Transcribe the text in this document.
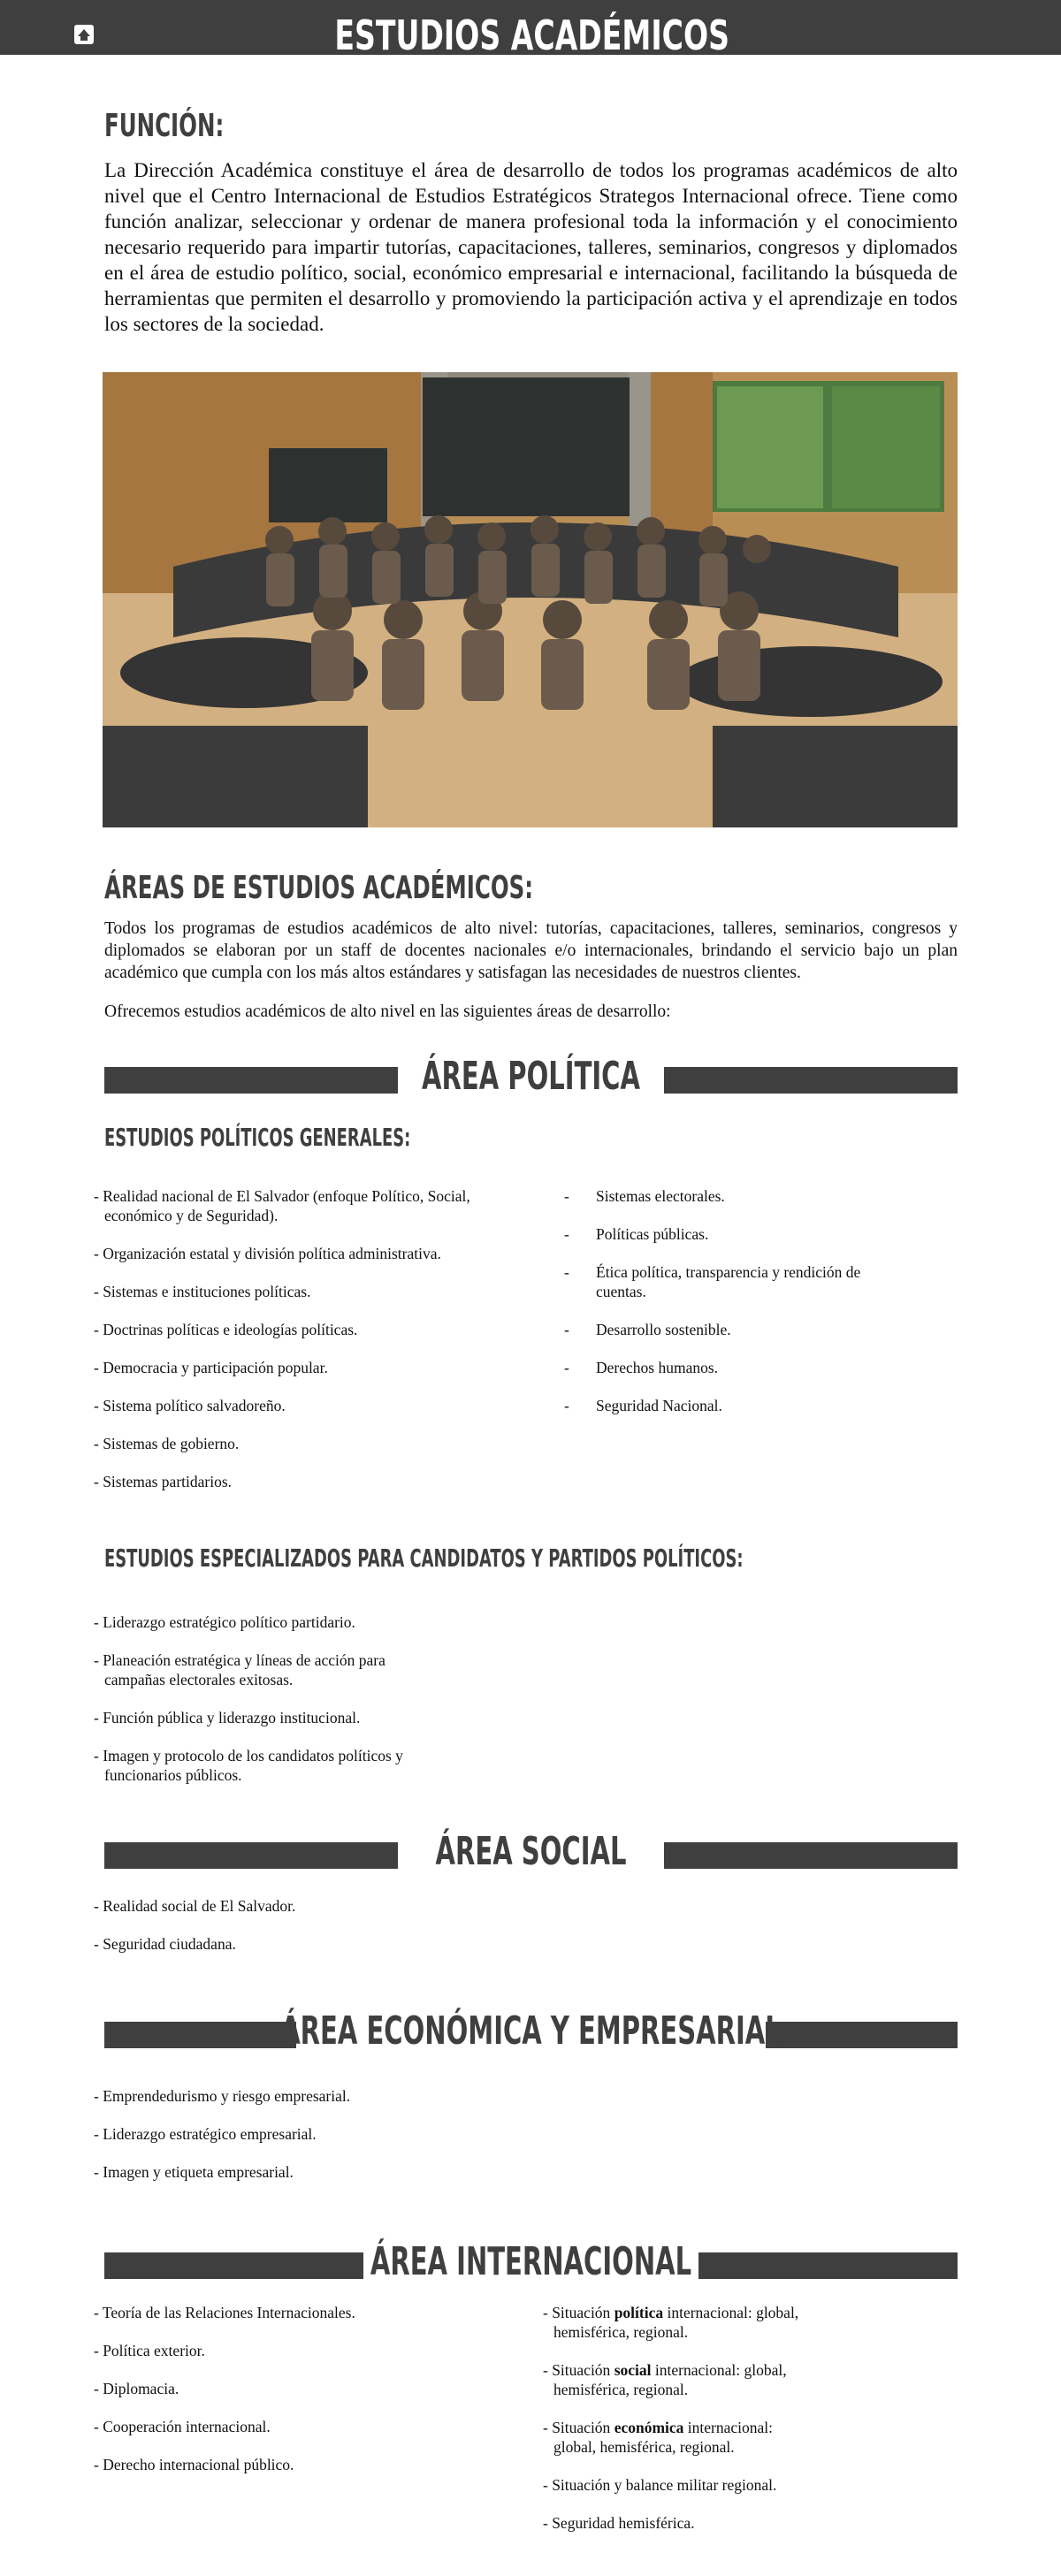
ESTUDIOS ACADÉMICOS
FUNCIÓN:

La Dirección Académica constituye el área de desarrollo de todos los programas académicos de alto nivel que el Centro Internacional de Estudios Estratégicos Strategos Internacional ofrece. Tiene como función analizar, seleccionar y ordenar de manera profesional toda la información y el conocimiento necesario requerido para impartir tutorías, capacitaciones, talleres, seminarios, congresos y diplomados en el área de estudio político, social, económico empresarial e internacional, facilitando la búsqueda de herramientas que permiten el desarrollo y promoviendo la participación activa y el aprendizaje en todos los sectores de la sociedad.

ÁREAS DE ESTUDIOS ACADÉMICOS:

Todos los programas de estudios académicos de alto nivel: tutorías, capacitaciones, talleres, seminarios, congresos y diplomados se elaboran por un staff de docentes nacionales e/o internacionales, brindando el servicio bajo un plan académico que cumpla con los más altos estándares y satisfagan las necesidades de nuestros clientes.

Ofrecemos estudios académicos de alto nivel en las siguientes áreas de desarrollo:

ÁREA POLÍTICA
ESTUDIOS POLÍTICOS GENERALES:
- Realidad nacional de El Salvador (enfoque Político, Social, económico y de Seguridad).
- Organización estatal y división política administrativa.
- Sistemas e instituciones políticas.
- Doctrinas políticas e ideologías políticas.
- Democracia y participación popular.
- Sistema político salvadoreño.
- Sistemas de gobierno.
- Sistemas partidarios.
- Sistemas electorales.
- Políticas públicas.
- Ética política, transparencia y rendición de cuentas.
- Desarrollo sostenible.
- Derechos humanos.
- Seguridad Nacional.
ESTUDIOS ESPECIALIZADOS PARA CANDIDATOS Y PARTIDOS POLÍTICOS:
- Liderazgo estratégico político partidario.
- Planeación estratégica y líneas de acción para campañas electorales exitosas.
- Función pública y liderazgo institucional.
- Imagen y protocolo de los candidatos políticos y funcionarios públicos.
ÁREA SOCIAL
- Realidad social de El Salvador.
- Seguridad ciudadana.
ÁREA ECONÓMICA Y EMPRESARIAL
- Emprendedurismo y riesgo empresarial.
- Liderazgo estratégico empresarial.
- Imagen y etiqueta empresarial.
ÁREA INTERNACIONAL
- Teoría de las Relaciones Internacionales.
- Política exterior.
- Diplomacia.
- Cooperación internacional.
- Derecho internacional público.
- Situación política internacional: global, hemisférica, regional.
- Situación social internacional: global, hemisférica, regional.
- Situación económica internacional: global, hemisférica, regional.
- Situación y balance militar regional.
- Seguridad hemisférica.
